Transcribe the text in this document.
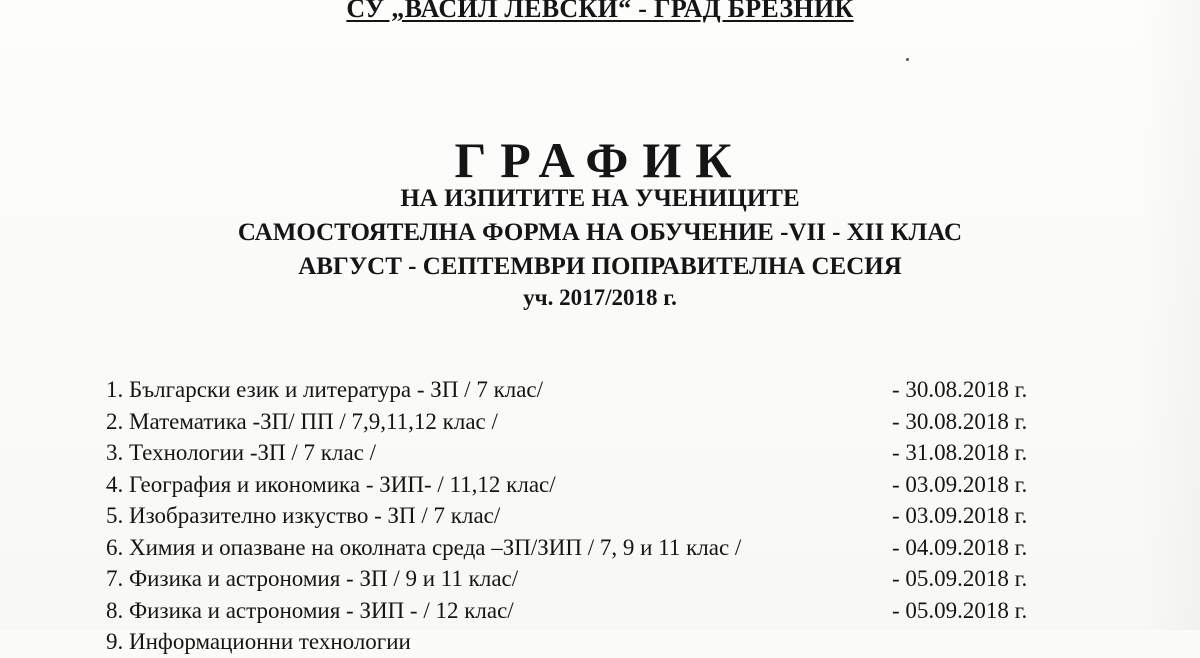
СУ „ВАСИЛ ЛЕВСКИ“ - ГРАД БРЕЗНИК
ГРАФИК
НА ИЗПИТИТЕ НА УЧЕНИЦИТЕ
САМОСТОЯТЕЛНА ФОРМА НА ОБУЧЕНИЕ -VII - XII КЛАС
АВГУСТ - СЕПТЕМВРИ ПОПРАВИТЕЛНА СЕСИЯ
уч. 2017/2018 г.
1. Български език и литература - ЗП / 7 клас/	- 30.08.2018 г.
2. Математика -ЗП/ ПП / 7,9,11,12 клас /	- 30.08.2018 г.
3. Технологии -ЗП / 7 клас /	- 31.08.2018 г.
4. География и икономика - ЗИП- / 11,12 клас/	- 03.09.2018 г.
5. Изобразително изкуство - ЗП / 7 клас/	- 03.09.2018 г.
6. Химия и опазване на околната среда –ЗП/ЗИП / 7, 9 и 11 клас /	- 04.09.2018 г.
7. Физика и астрономия - ЗП / 9 и 11 клас/	- 05.09.2018 г.
8. Физика и астрономия - ЗИП - / 12 клас/	- 05.09.2018 г.
9. Информационни технологии
